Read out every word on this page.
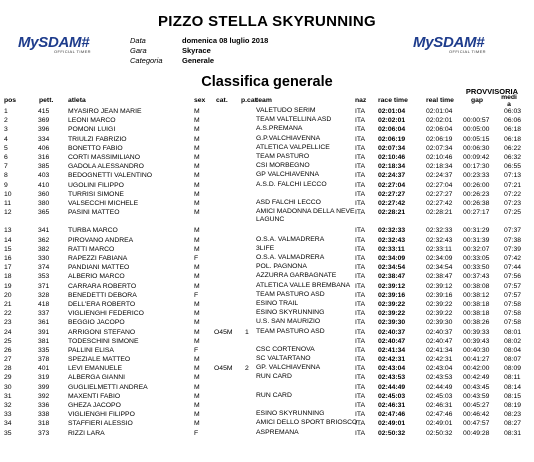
MySDAM#
OFFICIAL TIMER
MySDAM#
OFFICIAL TIMER
PIZZO STELLA SKYRUNNING
Data	domenica 08 luglio 2018
Gara	Skyrace
Categoria	Generale
Classifica generale
PROVVISORIA
pos	pett. atleta	sex cat. p.cat team	naz race time	real time	gap	medi a
1	415	MYASIRO JEAN MARIE	M	VALETUDO SERIM	ITA 02:01:04	02:01:04	06:03
2	369	LEONI MARCO	M	TEAM VALTELLINA ASD	ITA 02:02:01	02:02:01 00:00:57 06:06
3	396	POMONI LUIGI	M	A.S.PREMANA	ITA 02:06:04	02:06:04 00:05:00 06:18
4	334	TRIULZI FABRIZIO	M	G.P.VALCHIAVENNA	ITA 02:06:19	02:06:19 00:05:15 06:18
5	406	BONETTO FABIO	M	ATLETICA VALPELLICE	ITA 02:07:34	02:07:34 00:06:30 06:22
6	316	CORTI MASSIMILIANO	M	TEAM PASTURO	ITA 02:10:46	02:10:46 00:09:42 06:32
7	385	GADOLA ALESSANDRO	M	CSI MORBEGNO	ITA 02:18:34	02:18:34 00:17:30 06:55
8	403	BEDOGNETTI VALENTINO	M	GP VALCHIAVENNA	ITA 02:24:37	02:24:37 00:23:33 07:13
9	410	UGOLINI FILIPPO	M	A.S.D. FALCHI LECCO	ITA 02:27:04	02:27:04 00:26:00 07:21
10	360	TURRISI SIMONE	M	ITA 02:27:27	02:27:27 00:26:23 07:22
11	380	VALSECCHI MICHELE	M	ASD FALCHI LECCO	ITA 02:27:42	02:27:42 00:26:38 07:23
12	365	PASINI MATTEO	M	AMICI MADONNA DELLA NEVE LAGUNC
ITA 02:28:21	02:28:21 00:27:17 07:25
13	341	TURBA MARCO	M	ITA 02:32:33	02:32:33 00:31:29 07:37
14	362	PIROVANO ANDREA	M	O.S.A. VALMADRERA	ITA 02:32:43	02:32:43 00:31:39 07:38
15	382	RATTI MARCO	M	3LIFE	ITA 02:33:11	02:33:11 00:32:07 07:39
16	330	RAPEZZI FABIANA	F	O.S.A. VALMADRERA	ITA 02:34:09	02:34:09 00:33:05 07:42
17	374	PANDIANI MATTEO	M	POL. PAGNONA	ITA 02:34:54	02:34:54 00:33:50 07:44
18	353	ALBERIO MARCO	M	AZZURRA GARBAGNATE	ITA 02:38:47	02:38:47 00:37:43 07:56
19	371	CARRARA ROBERTO	M	ATLETICA VALLE BREMBANA ITA 02:39:12	02:39:12 00:38:08 07:57
20	328	BENEDETTI DEBORA	F	TEAM PASTURO ASD	ITA 02:39:16	02:39:16 00:38:12 07:57
21	418	DELL'ERA ROBERTO	M	ESINO TRAIL	ITA 02:39:22	02:39:22 00:38:18 07:58
22	337	VIGLIENGHI FEDERICO	M	ESINO SKYRUNNING	ITA 02:39:22	02:39:22 00:38:18 07:58
23	361	BEGGIO JACOPO	M	U.S. SAN MAURIZIO	ITA 02:39:30	02:39:30 00:38:26 07:58
24	391	ARRIGONI STEFANO	M O45M 1 TEAM PASTURO ASD	ITA 02:40:37	02:40:37 00:39:33 08:01
25	381	TODESCHINI SIMONE	M	ITA 02:40:47	02:40:47 00:39:43 08:02
26	335	PALLINI ELISA	F	CSC CORTENOVA	ITA 02:41:34	02:41:34 00:40:30 08:04
27	378	SPEZIALE MATTEO	M	SC VALTARTANO	ITA 02:42:31	02:42:31 00:41:27 08:07
28	401	LEVI EMANUELE	M O45M 2 GP. VALCHIAVENNA	ITA 02:43:04	02:43:04 00:42:00 08:09
29	319	ALBERGA GIANNI	M	RUN CARD	ITA 02:43:53	02:43:53 00:42:49 08:11
30	399	GUGLIELMETTI ANDREA	M	ITA 02:44:49	02:44:49 00:43:45 08:14
31	392	MAXENTI FABIO	M	RUN CARD	ITA 02:45:03	02:45:03 00:43:59 08:15
32	336	GHEZA JACOPO	M	ITA 02:46:31	02:46:31 00:45:27 08:19
33	338	VIGLIENGHI FILIPPO	M	ESINO SKYRUNNING	ITA 02:47:46	02:47:46 00:46:42 08:23
34	318	STAFFIERI ALESSIO	M	AMICI DELLO SPORT BRIOSCO
ITA 02:49:01	02:49:01 00:47:57 08:27
35	373	RIZZI LARA	F	ASPREMANA	ITA 02:50:32	02:50:32 00:49:28 08:31
